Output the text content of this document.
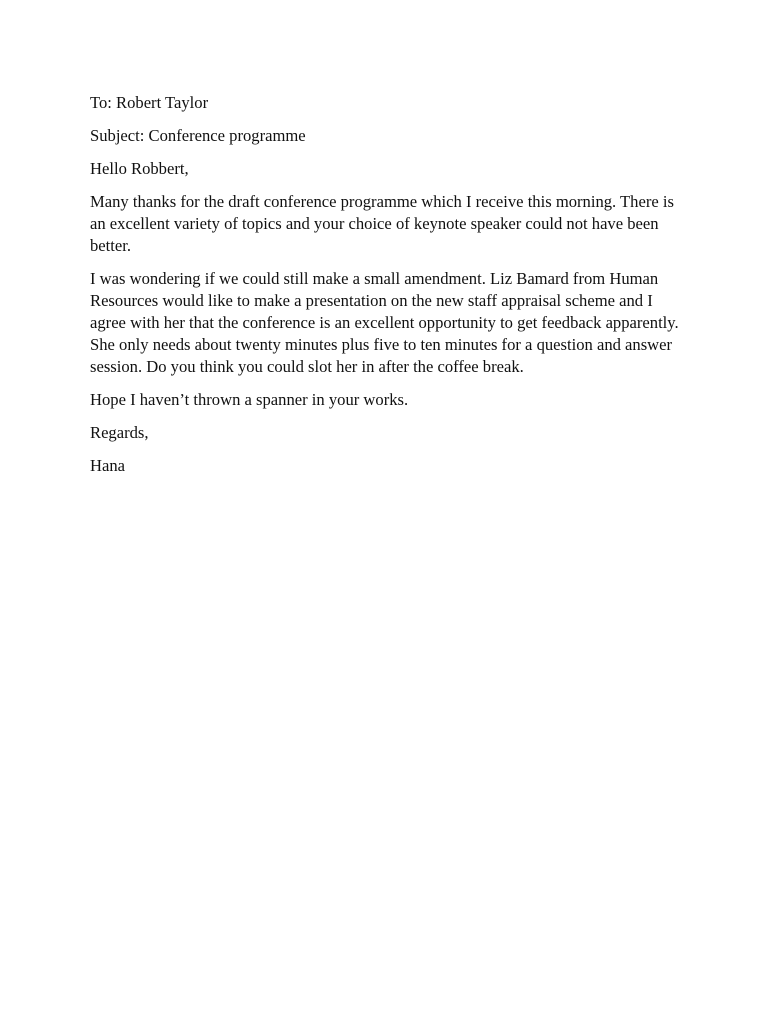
To: Robert Taylor

Subject: Conference programme

Hello Robbert,

Many thanks for the draft conference programme which I receive this morning. There is an excellent variety of topics and your choice of keynote speaker could not have been better.

I was wondering if we could still make a small amendment. Liz Bamard from Human Resources would like to make a presentation on the new staff appraisal scheme and I agree with her that the conference is an excellent opportunity to get feedback apparently. She only needs about twenty minutes plus five to ten minutes for a question and answer session. Do you think you could slot her in after the coffee break.

Hope I haven’t thrown a spanner in your works.

Regards,

Hana
